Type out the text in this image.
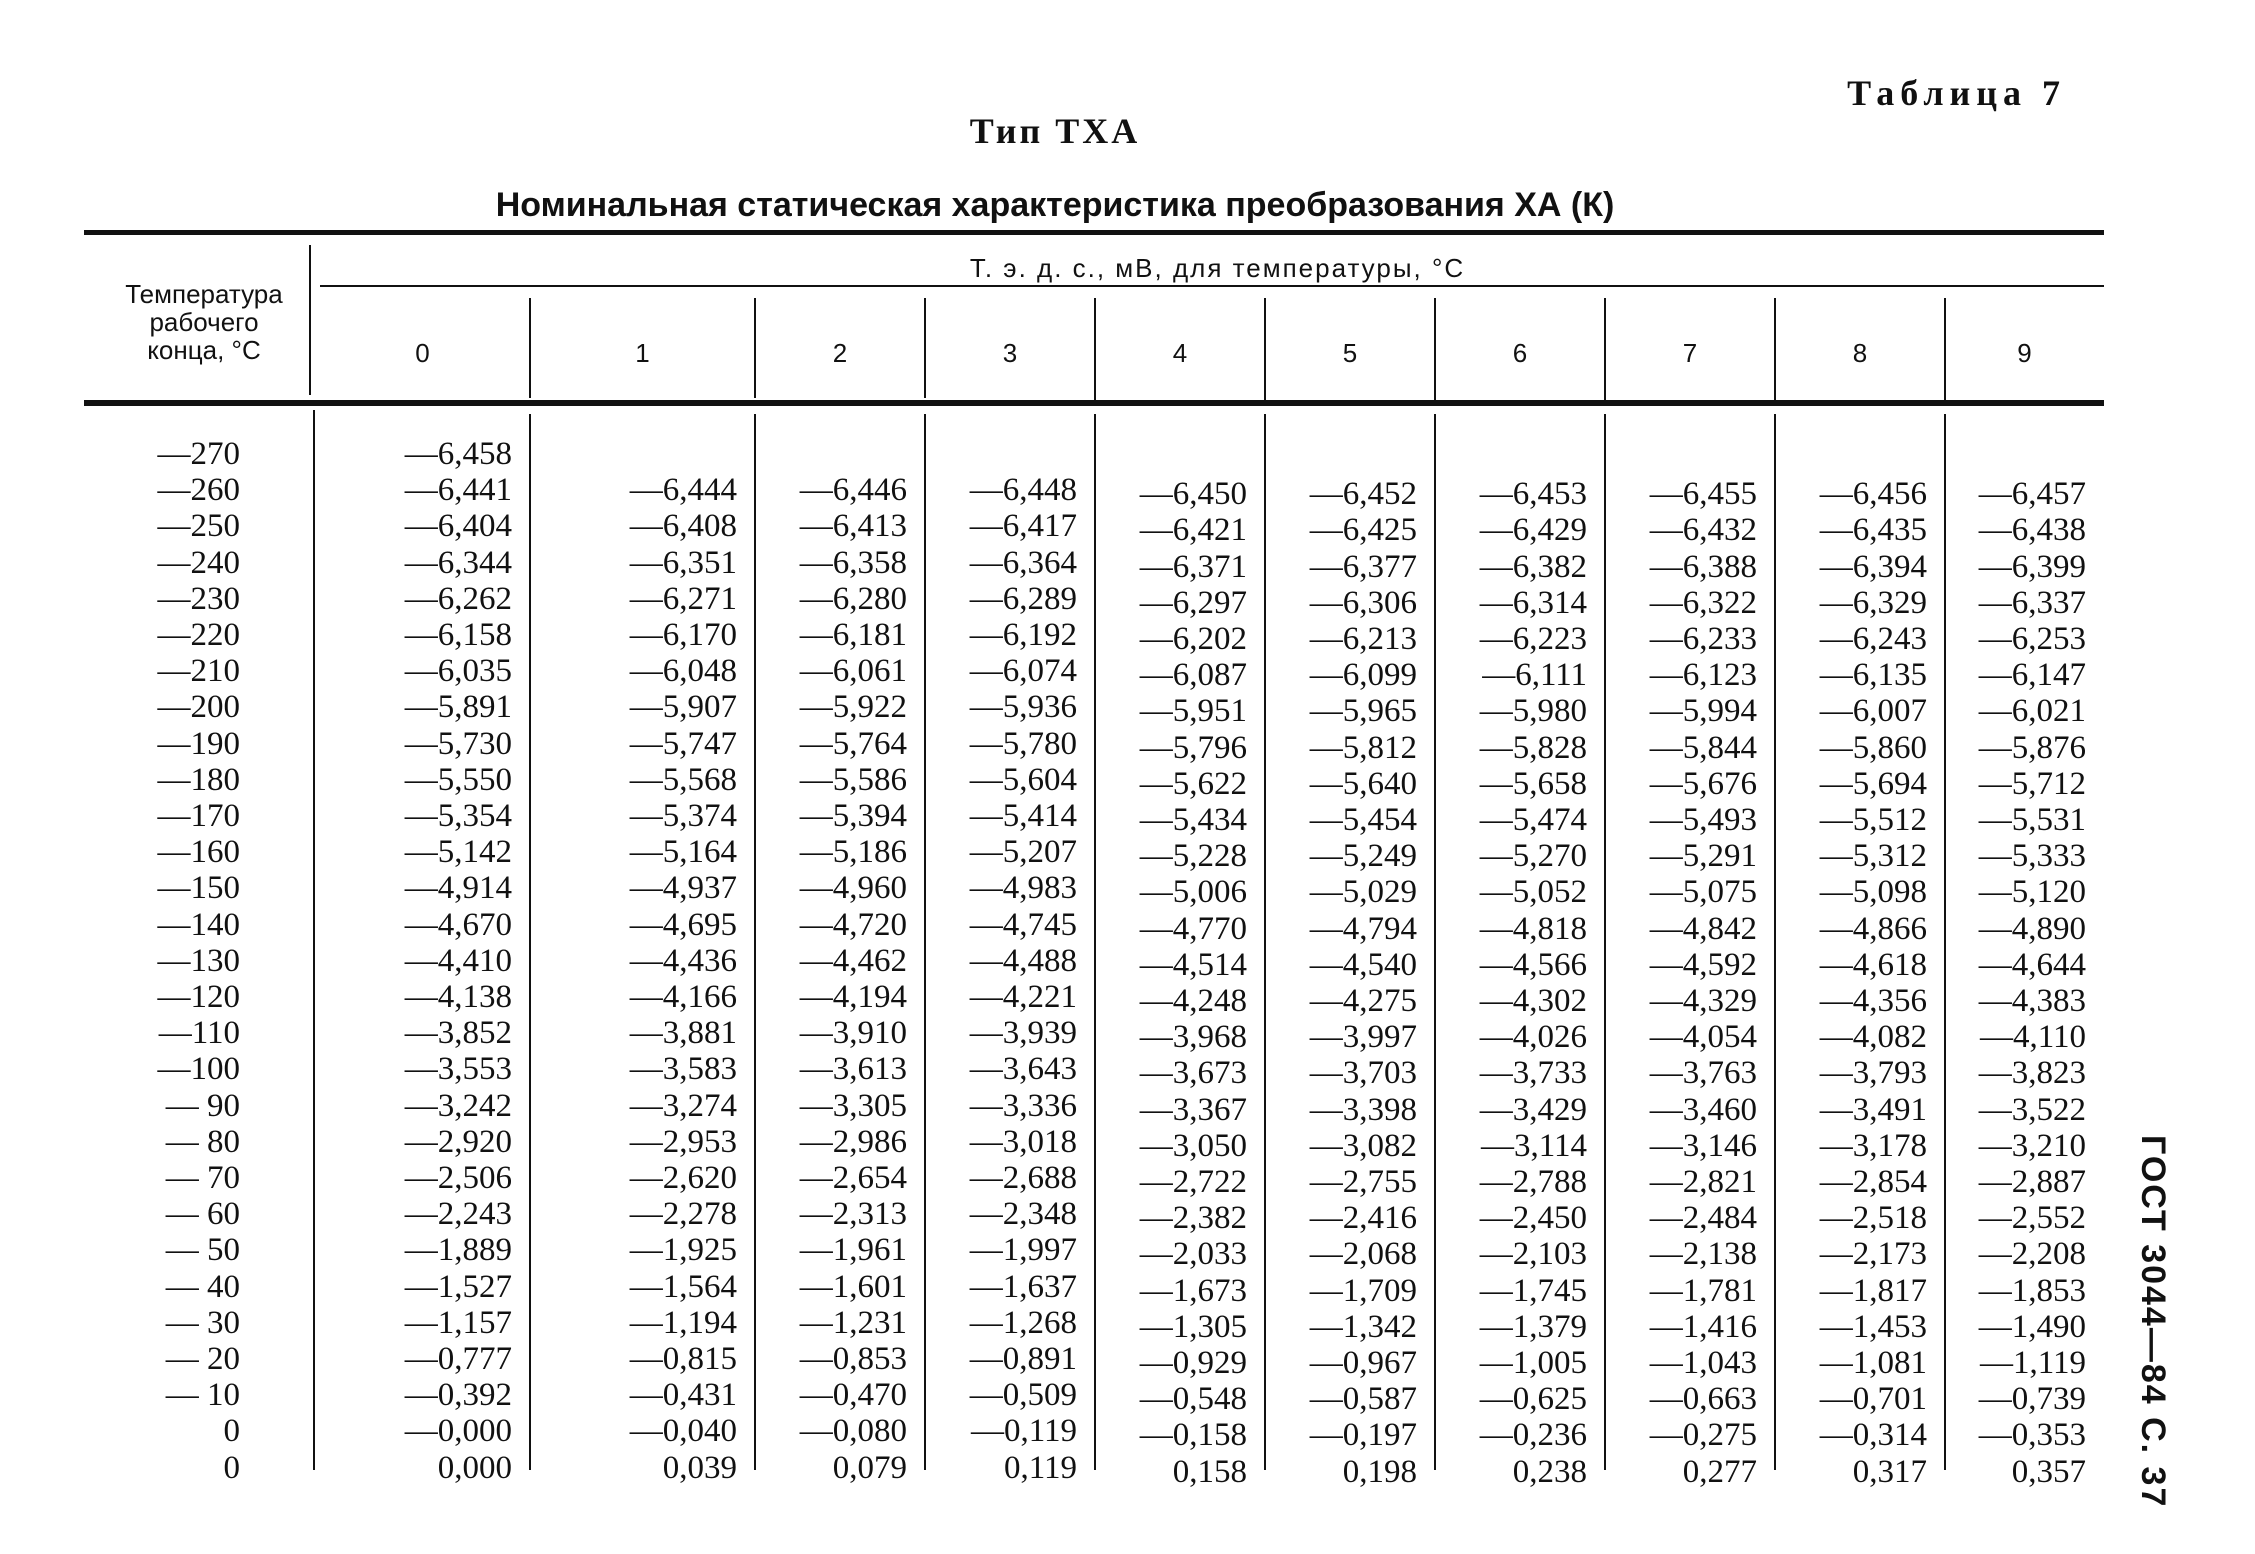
Таблица 7
Тип ТХА
Номинальная статическая характеристика преобразования ХА (К)
ГОСТ 3044—84 С. 37
Температура
рабочего
конца, °С
Т. э. д. с., мВ, для температуры, °С
0	1	2	3	4	5	6	7	8	9
—270	—6,458
—260	—6,441	—6,444	—6,446	—6,448	—6,450	—6,452	—6,453	—6,455	—6,456	—6,457
—250	—6,404	—6,408	—6,413	—6,417	—6,421	—6,425	—6,429	—6,432	—6,435	—6,438
—240	—6,344	—6,351	—6,358	—6,364	—6,371	—6,377	—6,382	—6,388	—6,394	—6,399
—230	—6,262	—6,271	—6,280	—6,289	—6,297	—6,306	—6,314	—6,322	—6,329	—6,337
—220	—6,158	—6,170	—6,181	—6,192	—6,202	—6,213	—6,223	—6,233	—6,243	—6,253
—210	—6,035	—6,048	—6,061	—6,074	—6,087	—6,099	—6,111	—6,123	—6,135	—6,147
—200	—5,891	—5,907	—5,922	—5,936	—5,951	—5,965	—5,980	—5,994	—6,007	—6,021
—190	—5,730	—5,747	—5,764	—5,780	—5,796	—5,812	—5,828	—5,844	—5,860	—5,876
—180	—5,550	—5,568	—5,586	—5,604	—5,622	—5,640	—5,658	—5,676	—5,694	—5,712
—170	—5,354	—5,374	—5,394	—5,414	—5,434	—5,454	—5,474	—5,493	—5,512	—5,531
—160	—5,142	—5,164	—5,186	—5,207	—5,228	—5,249	—5,270	—5,291	—5,312	—5,333
—150	—4,914	—4,937	—4,960	—4,983	—5,006	—5,029	—5,052	—5,075	—5,098	—5,120
—140	—4,670	—4,695	—4,720	—4,745	—4,770	—4,794	—4,818	—4,842	—4,866	—4,890
—130	—4,410	—4,436	—4,462	—4,488	—4,514	—4,540	—4,566	—4,592	—4,618	—4,644
—120	—4,138	—4,166	—4,194	—4,221	—4,248	—4,275	—4,302	—4,329	—4,356	—4,383
—110	—3,852	—3,881	—3,910	—3,939	—3,968	—3,997	—4,026	—4,054	—4,082	—4,110
—100	—3,553	—3,583	—3,613	—3,643	—3,673	—3,703	—3,733	—3,763	—3,793	—3,823
— 90	—3,242	—3,274	—3,305	—3,336	—3,367	—3,398	—3,429	—3,460	—3,491	—3,522
— 80	—2,920	—2,953	—2,986	—3,018	—3,050	—3,082	—3,114	—3,146	—3,178	—3,210
— 70	—2,506	—2,620	—2,654	—2,688	—2,722	—2,755	—2,788	—2,821	—2,854	—2,887
— 60	—2,243	—2,278	—2,313	—2,348	—2,382	—2,416	—2,450	—2,484	—2,518	—2,552
— 50	—1,889	—1,925	—1,961	—1,997	—2,033	—2,068	—2,103	—2,138	—2,173	—2,208
— 40	—1,527	—1,564	—1,601	—1,637	—1,673	—1,709	—1,745	—1,781	—1,817	—1,853
— 30	—1,157	—1,194	—1,231	—1,268	—1,305	—1,342	—1,379	—1,416	—1,453	—1,490
— 20	—0,777	—0,815	—0,853	—0,891	—0,929	—0,967	—1,005	—1,043	—1,081	—1,119
— 10	—0,392	—0,431	—0,470	—0,509	—0,548	—0,587	—0,625	—0,663	—0,701	—0,739
0	—0,000	—0,040	—0,080	—0,119	—0,158	—0,197	—0,236	—0,275	—0,314	—0,353
0	0,000	0,039	0,079	0,119	0,158	0,198	0,238	0,277	0,317	0,357
